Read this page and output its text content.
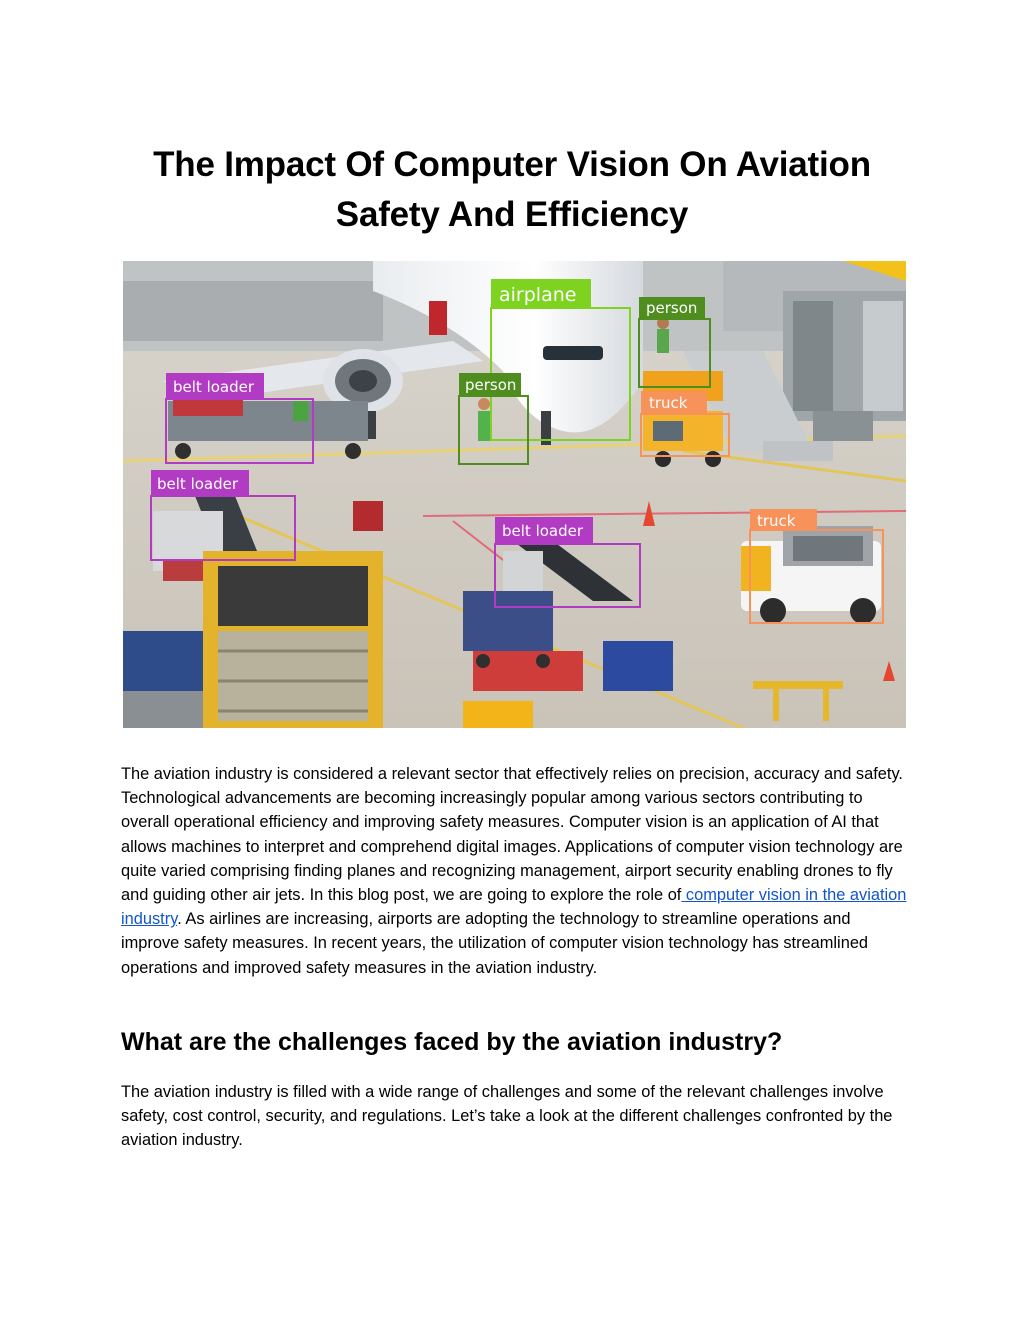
The Impact Of Computer Vision On Aviation Safety And Efficiency
airplane
person
person
truck
truck
belt loader
belt loader
belt loader

The aviation industry is considered a relevant sector that effectively relies on precision, accuracy and safety. Technological advancements are becoming increasingly popular among various sectors contributing to overall operational efficiency and improving safety measures. Computer vision is an application of AI that allows machines to interpret and comprehend digital images. Applications of computer vision technology are quite varied comprising finding planes and recognizing management, airport security enabling drones to fly and guiding other air jets. In this blog post, we are going to explore the role of computer vision in the aviation industry. As airlines are increasing, airports are adopting the technology to streamline operations and improve safety measures. In recent years, the utilization of computer vision technology has streamlined operations and improved safety measures in the aviation industry.

What are the challenges faced by the aviation industry?

The aviation industry is filled with a wide range of challenges and some of the relevant challenges involve safety, cost control, security, and regulations. Let’s take a look at the different challenges confronted by the aviation industry.
